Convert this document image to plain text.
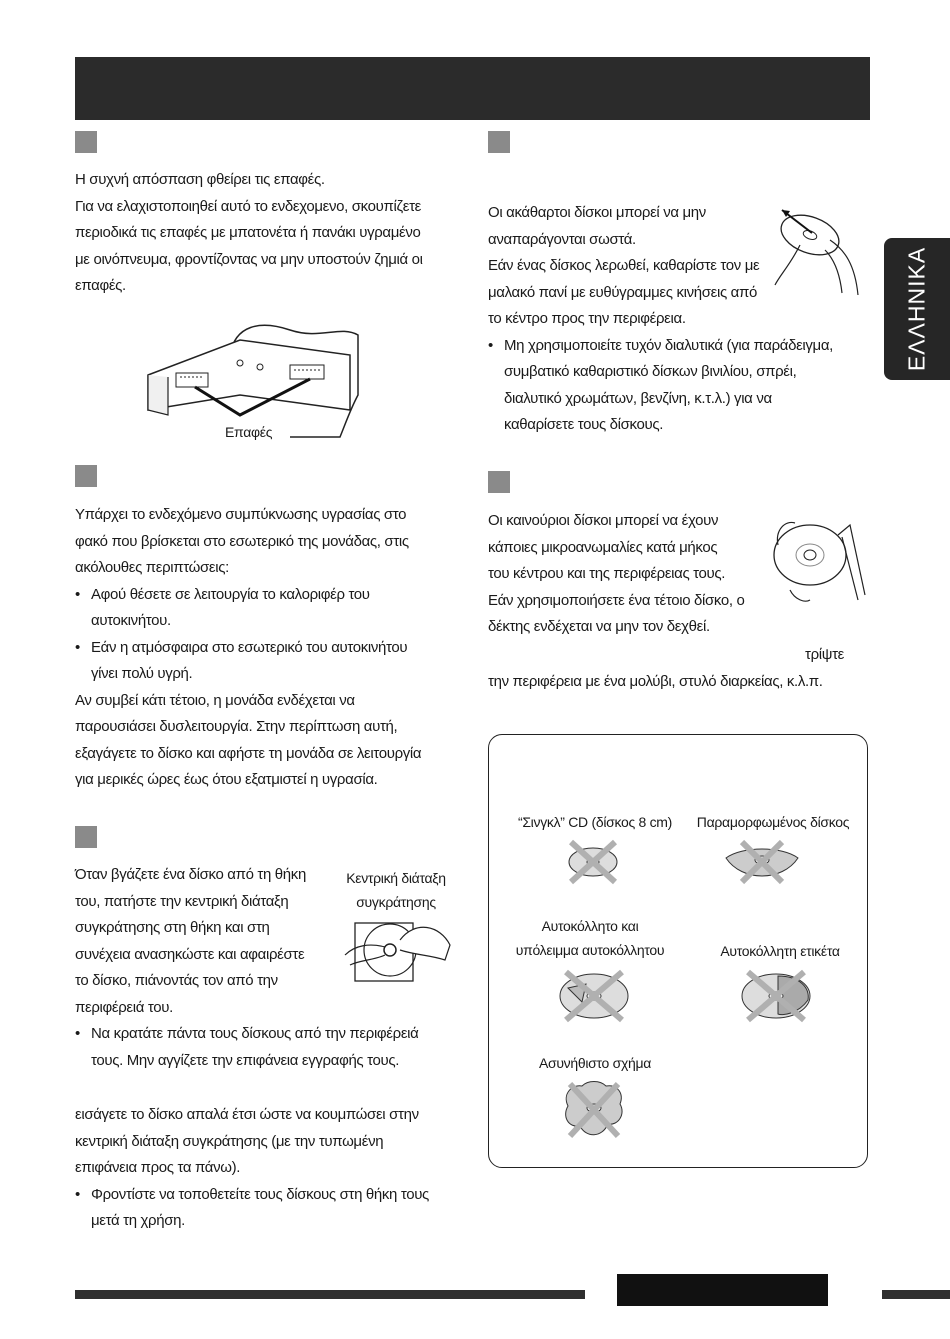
ΕΛΛΗΝΙΚΑ

Η συχνή απόσπαση φθείρει τις επαφές.

Για να ελαχιστοποιηθεί αυτό το ενδεχομενο, σκουπίζετε

περιοδικά τις επαφές με μπατονέτα ή πανάκι υγραμένο

με οινόπνευμα, φροντίζοντας να μην υποστούν ζημιά οι

επαφές.

Επαφές

Υπάρχει το ενδεχόμενο συμπύκνωσης υγρασίας στο

φακό που βρίσκεται στο εσωτερικό της μονάδας, στις

ακόλουθες περιπτώσεις:

• Αφού θέσετε σε λειτουργία το καλοριφέρ του

αυτοκινήτου.

• Εάν η ατμόσφαιρα στο εσωτερικό του αυτοκινήτου

γίνει πολύ υγρή.

Αν συμβεί κάτι τέτοιο, η μονάδα ενδέχεται να

παρουσιάσει δυσλειτουργία. Στην περίπτωση αυτή,

εξαγάγετε το δίσκο και αφήστε τη μονάδα σε λειτουργία

για μερικές ώρες έως ότου εξατμιστεί η υγρασία.

Όταν βγάζετε ένα δίσκο από τη θήκη

του, πατήστε την κεντρική διάταξη

συγκράτησης στη θήκη και στη

συνέχεια ανασηκώστε και αφαιρέστε

το δίσκο, πιάνοντάς τον από την

περιφέρειά του.

• Να κρατάτε πάντα τους δίσκους από την περιφέρειά

τους. Μην αγγίζετε την επιφάνεια εγγραφής τους.

Κεντρική διάταξη
συγκράτησης

εισάγετε το δίσκο απαλά έτσι ώστε να κουμπώσει στην

κεντρική διάταξη συγκράτησης (με την τυπωμένη

επιφάνεια προς τα πάνω).

• Φροντίστε να τοποθετείτε τους δίσκους στη θήκη τους

μετά τη χρήση.

Οι ακάθαρτοι δίσκοι μπορεί να μην

αναπαράγονται σωστά.

Εάν ένας δίσκος λερωθεί, καθαρίστε τον με

μαλακό πανί με ευθύγραμμες κινήσεις από

το κέντρο προς την περιφέρεια.

• Μη χρησιμοποιείτε τυχόν διαλυτικά (για παράδειγμα,

συμβατικό καθαριστικό δίσκων βινιλίου, σπρέι,

διαλυτικό χρωμάτων, βενζίνη, κ.τ.λ.) για να

καθαρίσετε τους δίσκους.

Οι καινούριοι δίσκοι μπορεί να έχουν

κάποιες μικροανωμαλίες κατά μήκος

του κέντρου και της περιφέρειας τους.

Εάν χρησιμοποιήσετε ένα τέτοιο δίσκο, ο

δέκτης ενδέχεται να μην τον δεχθεί.

τρίψτε
την περιφέρεια με ένα μολύβι, στυλό διαρκείας, κ.λ.π.
“Σινγκλ” CD (δίσκος 8 cm)	Παραμορφωμένος δίσκος
Αυτοκόλλητο και
υπόλειμμα αυτοκόλλητου	Αυτοκόλλητη ετικέτα
Ασυνήθιστο σχήμα
